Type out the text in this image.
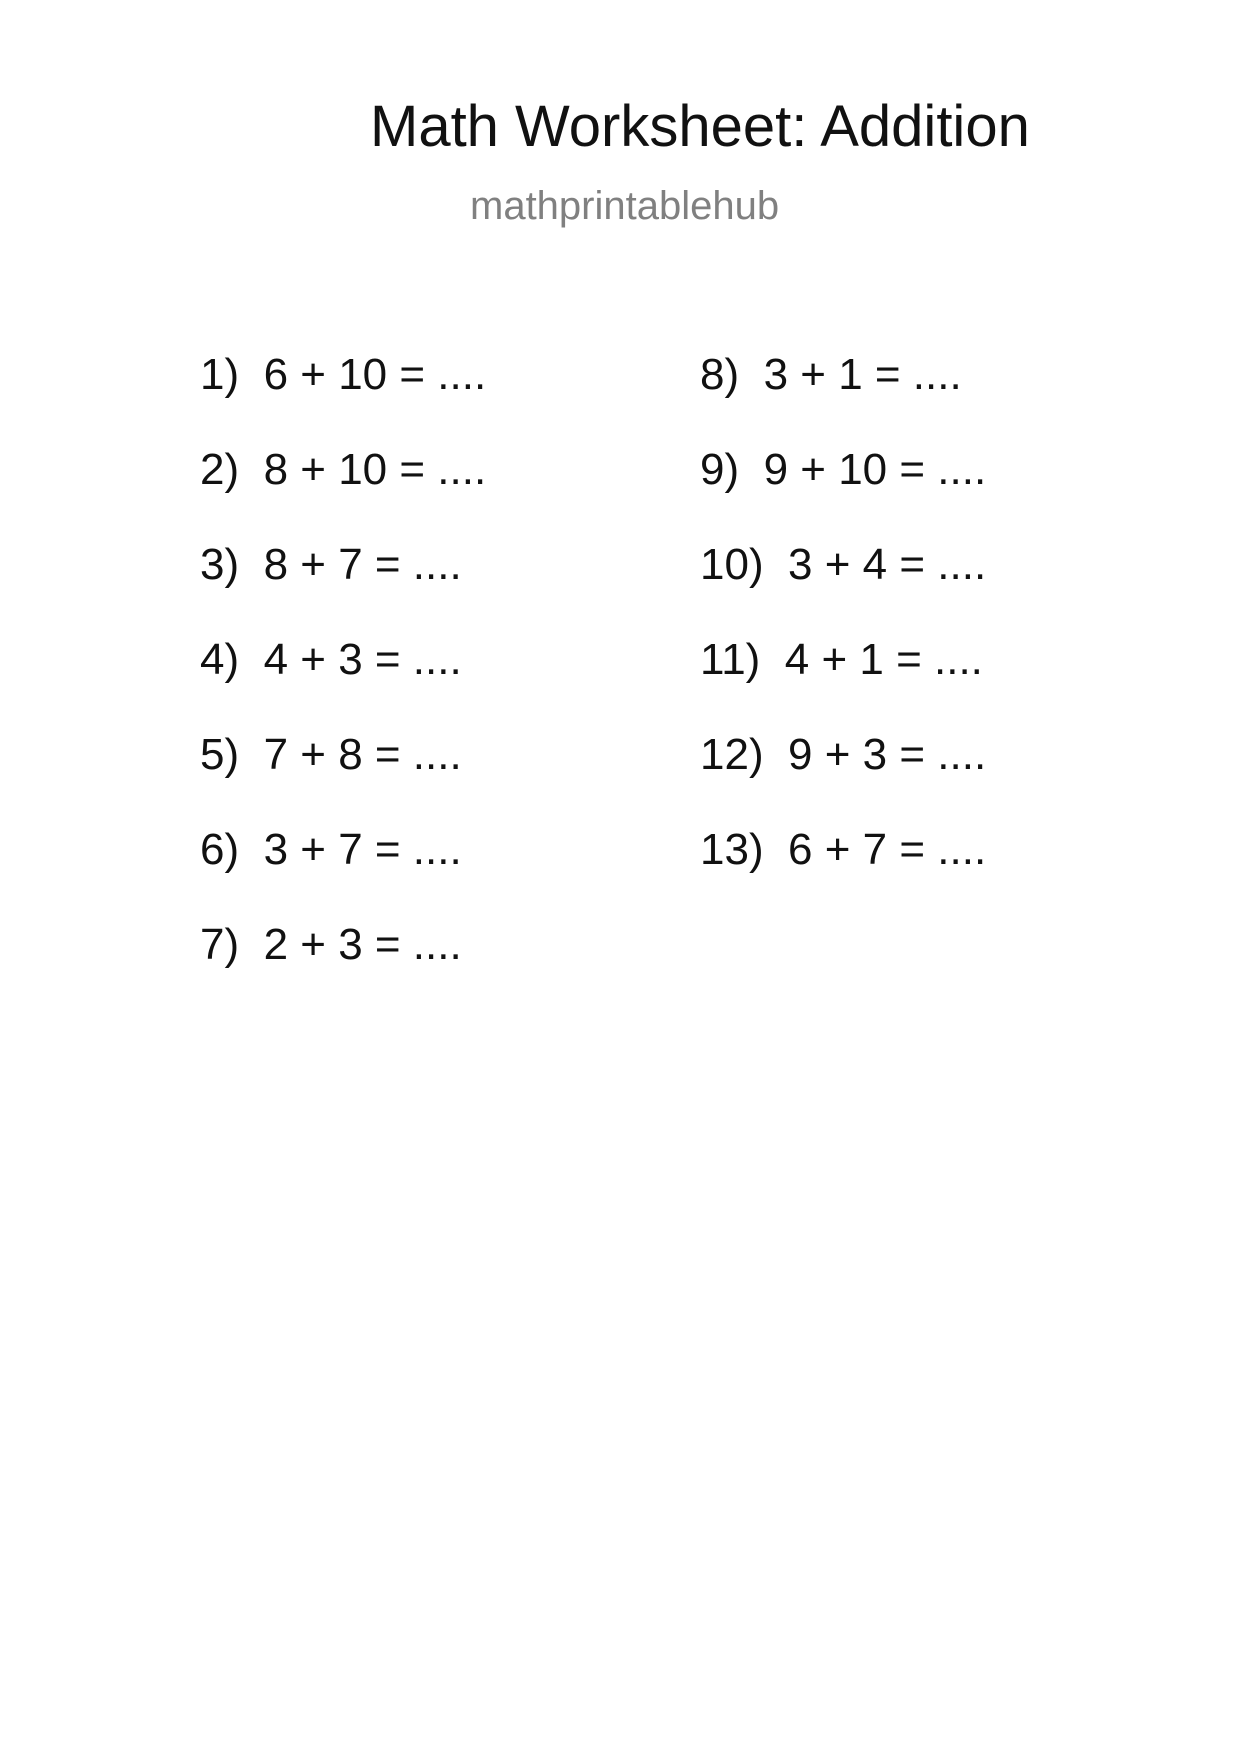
Math Worksheet: Addition
mathprintablehub
1) 6 + 10 = ....
2) 8 + 10 = ....
3) 8 + 7 = ....
4) 4 + 3 = ....
5) 7 + 8 = ....
6) 3 + 7 = ....
7) 2 + 3 = ....
8) 3 + 1 = ....
9) 9 + 10 = ....
10) 3 + 4 = ....
11) 4 + 1 = ....
12) 9 + 3 = ....
13) 6 + 7 = ....
